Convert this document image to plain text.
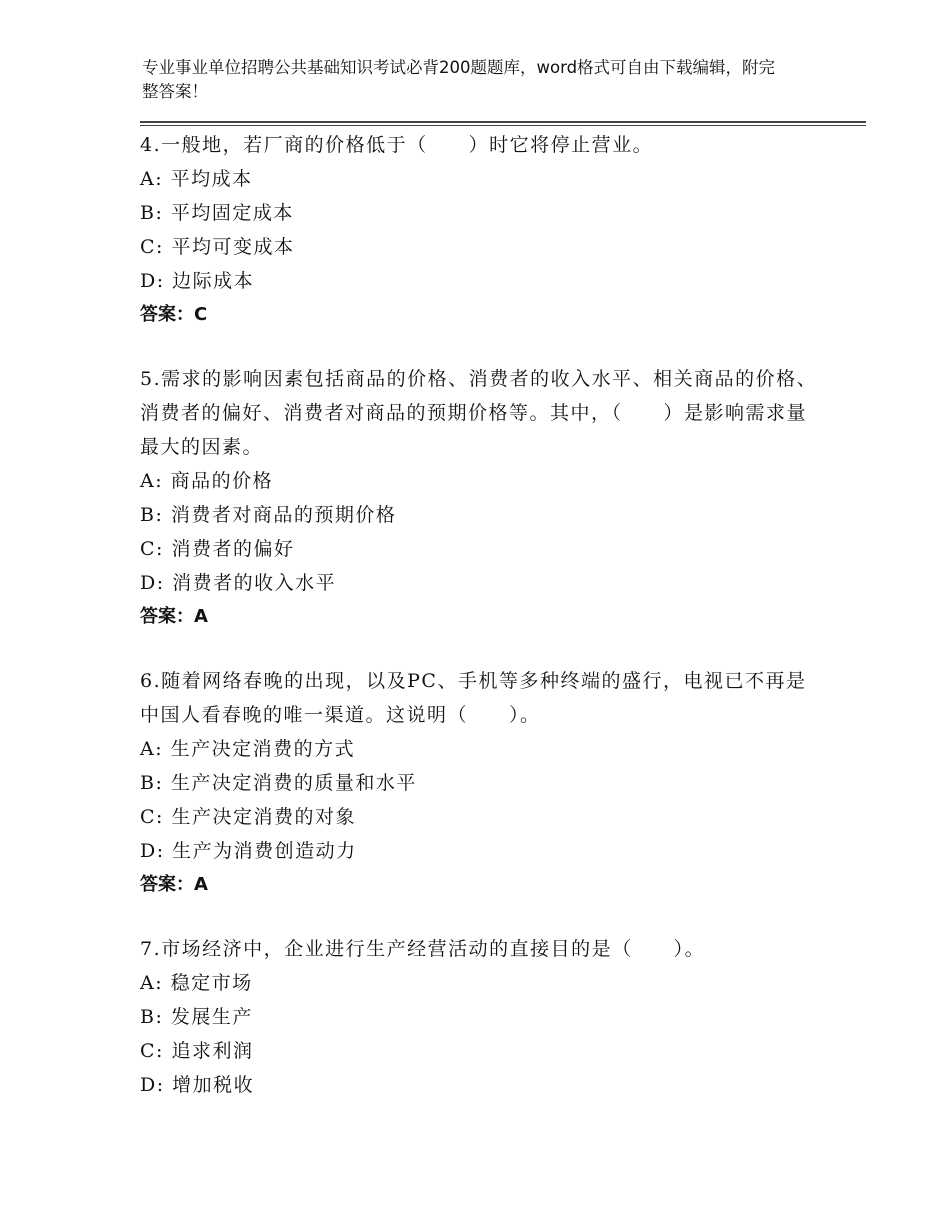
专业事业单位招聘公共基础知识考试必背200题题库，word格式可自由下载编辑，附完整答案！

4.一般地，若厂商的价格低于（　　）时它将停止营业。

A: 平均成本

B: 平均固定成本

C: 平均可变成本

D: 边际成本

答案：C

5.需求的影响因素包括商品的价格、消费者的收入水平、相关商品的价格、消费者的偏好、消费者对商品的预期价格等。其中，（　　）是影响需求量最大的因素。

A: 商品的价格

B: 消费者对商品的预期价格

C: 消费者的偏好

D: 消费者的收入水平

答案：A

6.随着网络春晚的出现，以及PC、手机等多种终端的盛行，电视已不再是中国人看春晚的唯一渠道。这说明（　　）。

A: 生产决定消费的方式

B: 生产决定消费的质量和水平

C: 生产决定消费的对象

D: 生产为消费创造动力

答案：A

7.市场经济中，企业进行生产经营活动的直接目的是（　　）。

A: 稳定市场

B: 发展生产

C: 追求利润

D: 增加税收
